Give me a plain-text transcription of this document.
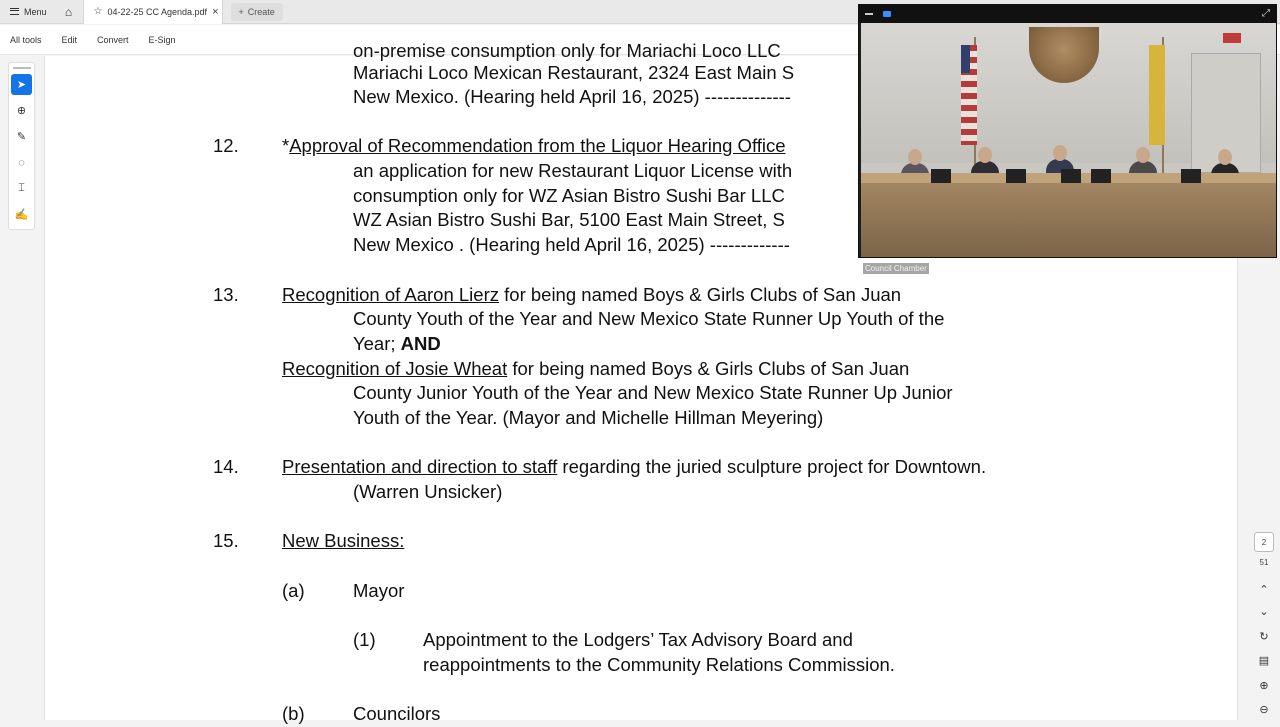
Menu ⌂ ☆ 04-22-25 CC Agenda.pdf × + Create
All tools	Edit	Convert	E-Sign
➤
⊕
✎
◌
⌶
✍
on-premise consumption only for Mariachi Loco LLC
Mariachi Loco Mexican Restaurant, 2324 East Main S
New Mexico. (Hearing held April 16, 2025) --------------
12. *Approval of Recommendation from the Liquor Hearing Office
an application for new Restaurant Liquor License with
consumption only for WZ Asian Bistro Sushi Bar LLC
WZ Asian Bistro Sushi Bar, 5100 East Main Street, S
New Mexico . (Hearing held April 16, 2025) -------------
13. Recognition of Aaron Lierz for being named Boys & Girls Clubs of San Juan
County Youth of the Year and New Mexico State Runner Up Youth of the
Year; AND
Recognition of Josie Wheat for being named Boys & Girls Clubs of San Juan
County Junior Youth of the Year and New Mexico State Runner Up Junior
Youth of the Year. (Mayor and Michelle Hillman Meyering)
14. Presentation and direction to staff regarding the juried sculpture project for Downtown.
(Warren Unsicker)
15. New Business:
(a)	Mayor
(1)	Appointment to the Lodgers’ Tax Advisory Board and
reappointments to the Community Relations Commission.
(b)	Councilors
2
51
⌃
⌄
↻
▤
⊕
⊖
⤢
Council Chamber
